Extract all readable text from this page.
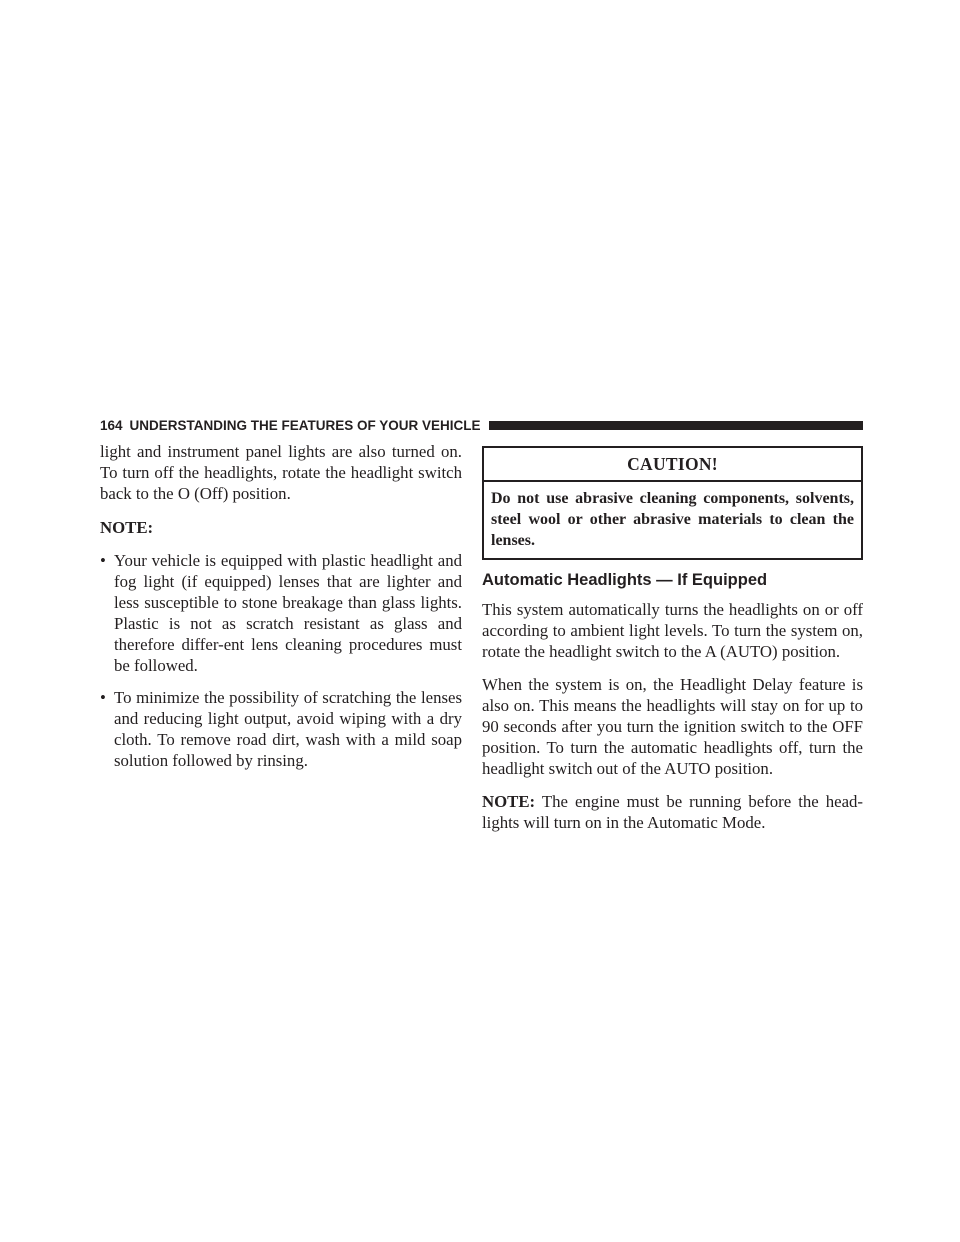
164 UNDERSTANDING THE FEATURES OF YOUR VEHICLE

light and instrument panel lights are also turned on. To turn off the headlights, rotate the headlight switch back to the O (Off) position.

NOTE:

• Your vehicle is equipped with plastic headlight and fog light (if equipped) lenses that are lighter and less susceptible to stone breakage than glass lights. Plastic is not as scratch resistant as glass and therefore differ-ent lens cleaning procedures must be followed.
• To minimize the possibility of scratching the lenses and reducing light output, avoid wiping with a dry cloth. To remove road dirt, wash with a mild soap solution followed by rinsing.
CAUTION!
Do not use abrasive cleaning components, solvents, steel wool or other abrasive materials to clean the lenses.
Automatic Headlights — If Equipped

This system automatically turns the headlights on or off according to ambient light levels. To turn the system on, rotate the headlight switch to the A (AUTO) position.

When the system is on, the Headlight Delay feature is also on. This means the headlights will stay on for up to 90 seconds after you turn the ignition switch to the OFF position. To turn the automatic headlights off, turn the headlight switch out of the AUTO position.

NOTE: The engine must be running before the head-lights will turn on in the Automatic Mode.
